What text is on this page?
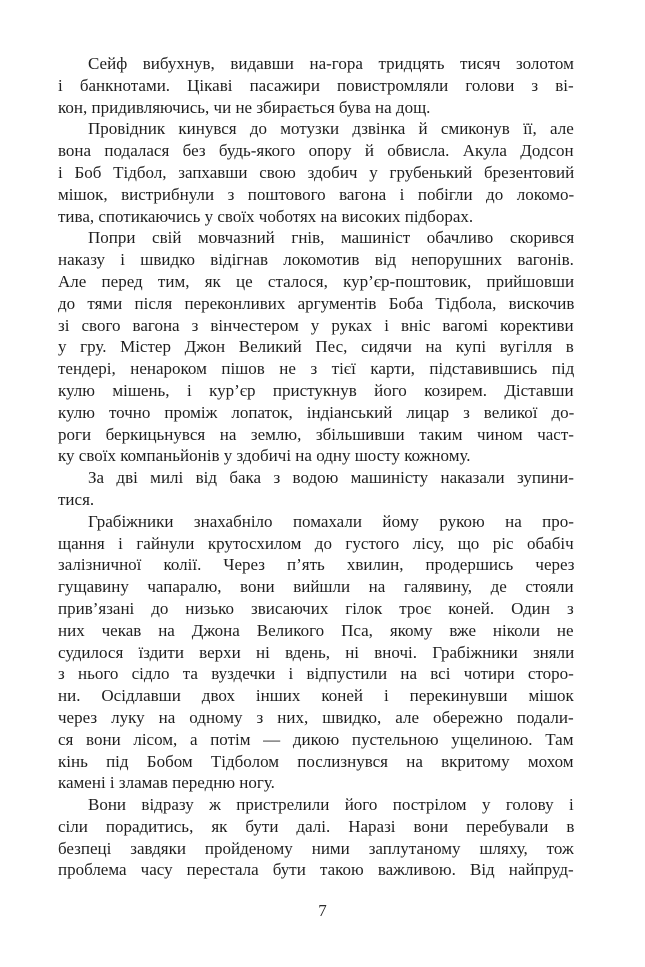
Сейф вибухнув, видавши на-гора тридцять тисяч золотом
і банкнотами. Цікаві пасажири повистромляли голови з ві-
кон, придивляючись, чи не збирається бува на дощ.
Провідник кинувся до мотузки дзвінка й смиконув її, але
вона подалася без будь-якого опору й обвисла. Акула Додсон
і Боб Тідбол, запхавши свою здобич у грубенький брезентовий
мішок, вистрибнули з поштового вагона і побігли до локомо-
тива, спотикаючись у своїх чоботях на високих підборах.
Попри свій мовчазний гнів, машиніст обачливо скорився
наказу і швидко відігнав локомотив від непорушних вагонів.
Але перед тим, як це сталося, кур’єр-поштовик, прийшовши
до тями після переконливих аргументів Боба Тідбола, вискочив
зі свого вагона з вінчестером у руках і вніс вагомі корективи
у гру. Містер Джон Великий Пес, сидячи на купі вугілля в
тендері, ненароком пішов не з тієї карти, підставившись під
кулю мішень, і кур’єр пристукнув його козирем. Діставши
кулю точно проміж лопаток, індіанський лицар з великої до-
роги беркицьнувся на землю, збільшивши таким чином част-
ку своїх компаньйонів у здобичі на одну шосту кожному.
За дві милі від бака з водою машиністу наказали зупини-
тися.
Грабіжники знахабніло помахали йому рукою на про-
щання і гайнули крутосхилом до густого лісу, що ріс обабіч
залізничної колії. Через п’ять хвилин, продершись через
гущавину чапаралю, вони вийшли на галявину, де стояли
прив’язані до низько звисаючих гілок троє коней. Один з
них чекав на Джона Великого Пса, якому вже ніколи не
судилося їздити верхи ні вдень, ні вночі. Грабіжники зняли
з нього сідло та вуздечки і відпустили на всі чотири сторо-
ни. Осідлавши двох інших коней і перекинувши мішок
через луку на одному з них, швидко, але обережно подали-
ся вони лісом, а потім — дикою пустельною ущелиною. Там
кінь під Бобом Тідболом послизнувся на вкритому мохом
камені і зламав передню ногу.
Вони відразу ж пристрелили його пострілом у голову і
сіли порадитись, як бути далі. Наразі вони перебували в
безпеці завдяки пройденому ними заплутаному шляху, тож
проблема часу перестала бути такою важливою. Від найпруд-
7
